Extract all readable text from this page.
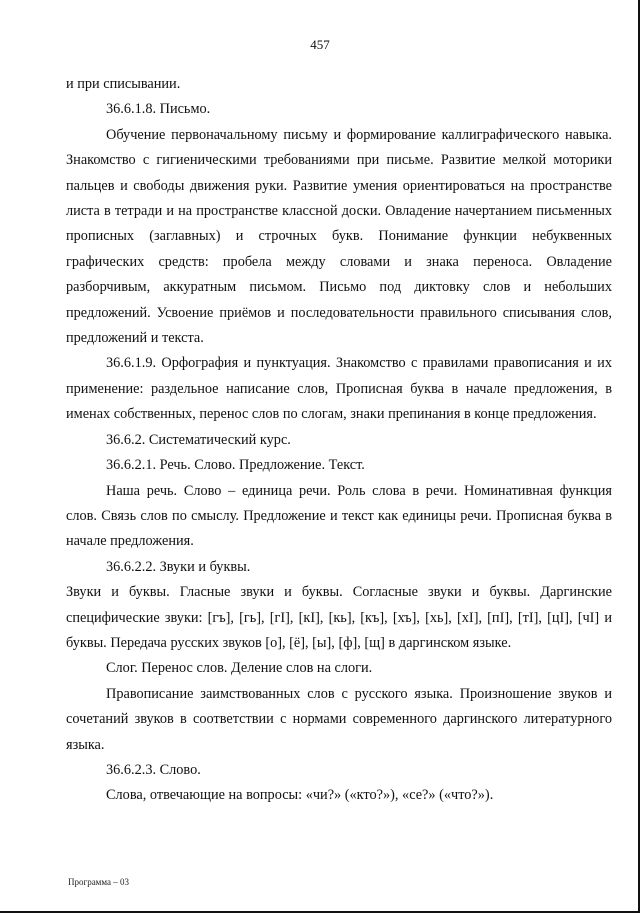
457

и при списывании.

36.6.1.8. Письмо.

Обучение первоначальному письму и формирование каллиграфического навыка. Знакомство с гигиеническими требованиями при письме. Развитие мелкой моторики пальцев и свободы движения руки. Развитие умения ориентироваться на пространстве листа в тетради и на пространстве классной доски. Овладение начертанием письменных прописных (заглавных) и строчных букв. Понимание функции небуквенных графических средств: пробела между словами и знака переноса. Овладение разборчивым, аккуратным письмом. Письмо под диктовку слов и небольших предложений. Усвоение приёмов и последовательности правильного списывания слов, предложений и текста.

36.6.1.9. Орфография и пунктуация. Знакомство с правилами правописания и их применение: раздельное написание слов, Прописная буква в начале предложения, в именах собственных, перенос слов по слогам, знаки препинания в конце предложения.

36.6.2. Систематический курс.

36.6.2.1. Речь. Слово. Предложение. Текст.

Наша речь. Слово – единица речи. Роль слова в речи. Номинативная функция слов. Связь слов по смыслу. Предложение и текст как единицы речи. Прописная буква в начале предложения.

36.6.2.2. Звуки и буквы.

Звуки и буквы. Гласные звуки и буквы. Согласные звуки и буквы. Даргинские специфические звуки: [гъ], [гь], [гI], [кI], [кь], [къ], [хъ], [хь], [хI], [пI], [тI], [цI], [чI] и буквы. Передача русских звуков [о], [ё], [ы], [ф], [щ] в даргинском языке.

Слог. Перенос слов. Деление слов на слоги.

Правописание заимствованных слов с русского языка. Произношение звуков и сочетаний звуков в соответствии с нормами современного даргинского литературного языка.

36.6.2.3. Слово.

Слова, отвечающие на вопросы: «чи?» («кто?»), «се?» («что?»).

Программа – 03
